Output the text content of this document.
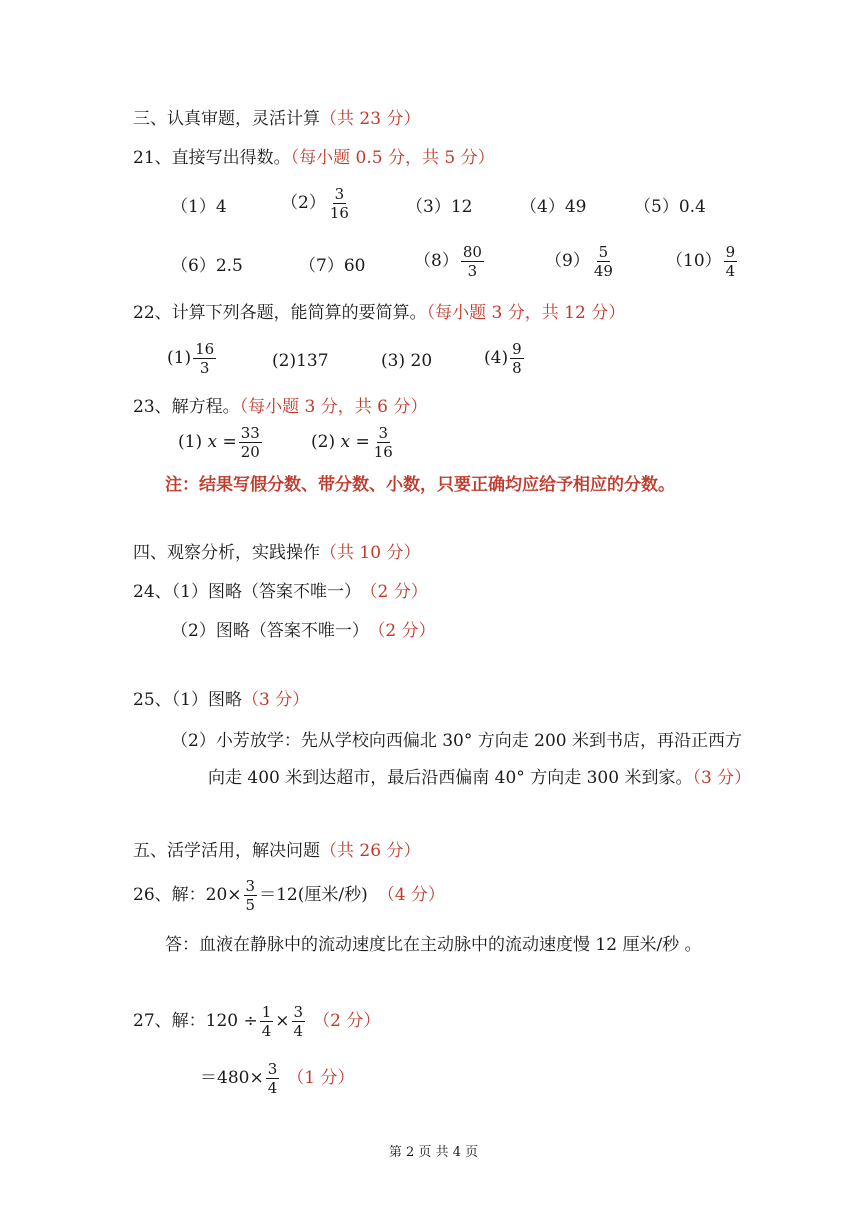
三、认真审题，灵活计算（共 23 分）
21、直接写出得数。（每小题 0.5 分，共 5 分）
（1）4	$(2) \frac{3}{16}$	（3）12	（4）49	（5）0.4
（6）2.5	（7）60	$(8) \frac{80}{3}$	$(9) \frac{5}{49}$	$(10) \frac{9}{4}$
22、计算下列各题，能简算的要简算。（每小题 3 分，共 12 分）
$(1) \frac{16}{3}$	(2)137	(3) 20	$(4) \frac{9}{8}$
23、解方程。（每小题 3 分，共 6 分）
(1) $x = \frac{33}{20}$	(2) $x = \frac{3}{16}$
注：结果写假分数、带分数、小数，只要正确均应给予相应的分数。
四、观察分析，实践操作（共 10 分）
24、（1）图略（答案不唯一） （2 分）
（2）图略（答案不唯一） （2 分）
25、（1）图略（3 分）
（2）小芳放学：先从学校向西偏北 30° 方向走 200 米到书店，再沿正西方
向走 400 米到达超市，最后沿西偏南 40° 方向走 300 米到家。（3 分）
五、活学活用，解决问题（共 26 分）
26、解：$20\times \frac{3}{5} =12$(厘米/秒) （4 分）
答：血液在静脉中的流动速度比在主动脉中的流动速度慢 12 厘米/秒 。
27、解：$120 \div \frac{1}{4} \times \frac{3}{4} (2$ 分）
$=480\times \frac{3}{4} (1$ 分）
第 2 页 共 4 页
